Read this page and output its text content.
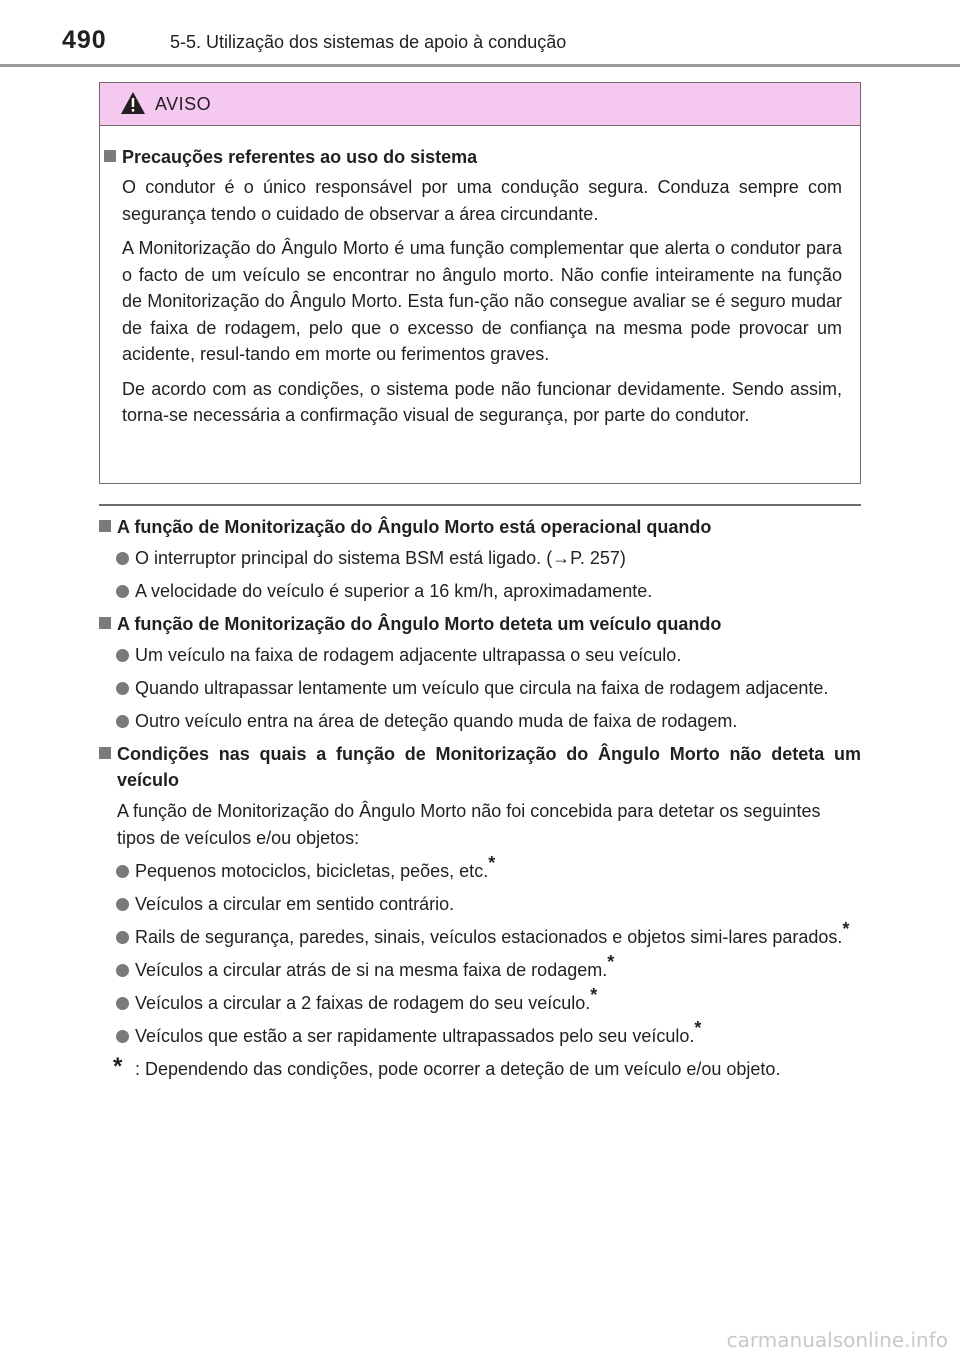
490	5-5. Utilização dos sistemas de apoio à condução
AVISO
Precauções referentes ao uso do sistema

O condutor é o único responsável por uma condução segura. Conduza sempre com segurança tendo o cuidado de observar a área circundante.

A Monitorização do Ângulo Morto é uma função complementar que alerta o condutor para o facto de um veículo se encontrar no ângulo morto. Não confie inteiramente na função de Monitorização do Ângulo Morto. Esta fun-ção não consegue avaliar se é seguro mudar de faixa de rodagem, pelo que o excesso de confiança na mesma pode provocar um acidente, resul-tando em morte ou ferimentos graves.

De acordo com as condições, o sistema pode não funcionar devidamente. Sendo assim, torna-se necessária a confirmação visual de segurança, por parte do condutor.

A função de Monitorização do Ângulo Morto está operacional quando
O interruptor principal do sistema BSM está ligado. (→P. 257)
A velocidade do veículo é superior a 16 km/h, aproximadamente.
A função de Monitorização do Ângulo Morto deteta um veículo quando
Um veículo na faixa de rodagem adjacente ultrapassa o seu veículo.
Quando ultrapassar lentamente um veículo que circula na faixa de rodagem adjacente.
Outro veículo entra na área de deteção quando muda de faixa de rodagem.
Condições nas quais a função de Monitorização do Ângulo Morto não deteta um veículo

A função de Monitorização do Ângulo Morto não foi concebida para detetar os seguintes tipos de veículos e/ou objetos:

Pequenos motociclos, bicicletas, peões, etc.*
Veículos a circular em sentido contrário.
Rails de segurança, paredes, sinais, veículos estacionados e objetos simi-lares parados.*
Veículos a circular atrás de si na mesma faixa de rodagem.*
Veículos a circular a 2 faixas de rodagem do seu veículo.*
Veículos que estão a ser rapidamente ultrapassados pelo seu veículo.*
* : Dependendo das condições, pode ocorrer a deteção de um veículo e/ou objeto.
carmanualsonline.info
